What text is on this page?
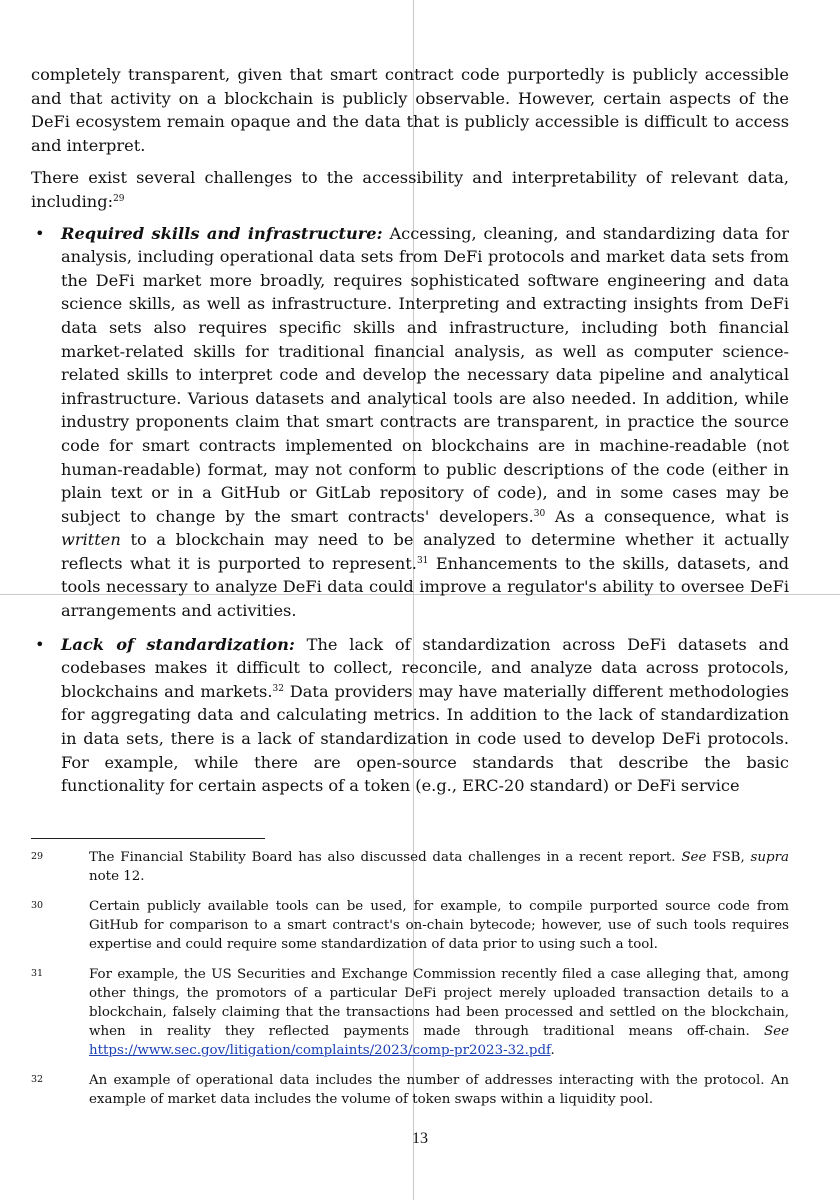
completely transparent, given that smart contract code purportedly is publicly accessible and that activity on a blockchain is publicly observable. However, certain aspects of the DeFi ecosystem remain opaque and the data that is publicly accessible is difficult to access and interpret.

There exist several challenges to the accessibility and interpretability of relevant data, including:$^{29}$

• Required skills and infrastructure: Accessing, cleaning, and standardizing data for analysis, including operational data sets from DeFi protocols and market data sets from the DeFi market more broadly, requires sophisticated software engineering and data science skills, as well as infrastructure. Interpreting and extracting insights from DeFi data sets also requires specific skills and infrastructure, including both financial market-related skills for traditional financial analysis, as well as computer science-related skills to interpret code and develop the necessary data pipeline and analytical infrastructure. Various datasets and analytical tools are also needed. In addition, while industry proponents claim that smart contracts are transparent, in practice the source code for smart contracts implemented on blockchains are in machine-readable (not human-readable) format, may not conform to public descriptions of the code (either in plain text or in a GitHub or GitLab repository of code), and in some cases may be subject to change by the smart contracts' developers.$^{30}$ As a consequence, what is written to a blockchain may need to be analyzed to determine whether it actually reflects what it is purported to represent.$^{31}$ Enhancements to the skills, datasets, and tools necessary to analyze DeFi data could improve a regulator's ability to oversee DeFi arrangements and activities.
• Lack of standardization: The lack of standardization across DeFi datasets and codebases makes it difficult to collect, reconcile, and analyze data across protocols, blockchains and markets.$^{32}$ Data providers may have materially different methodologies for aggregating data and calculating metrics. In addition to the lack of standardization in data sets, there is a lack of standardization in code used to develop DeFi protocols. For example, while there are open-source standards that describe the basic functionality for certain aspects of a token (e.g., ERC-20 standard) or DeFi service
29	The Financial Stability Board has also discussed data challenges in a recent report. See FSB, supra note 12.
30	Certain publicly available tools can be used, for example, to compile purported source code from GitHub for comparison to a smart contract's on-chain bytecode; however, use of such tools requires expertise and could require some standardization of data prior to using such a tool.
31	For example, the US Securities and Exchange Commission recently filed a case alleging that, among other things, the promotors of a particular DeFi project merely uploaded transaction details to a blockchain, falsely claiming that the transactions had been processed and settled on the blockchain, when in reality they reflected payments made through traditional means off-chain. See https://www.sec.gov/litigation/complaints/2023/comp-pr2023-32.pdf.
32	An example of operational data includes the number of addresses interacting with the protocol. An example of market data includes the volume of token swaps within a liquidity pool.
13
